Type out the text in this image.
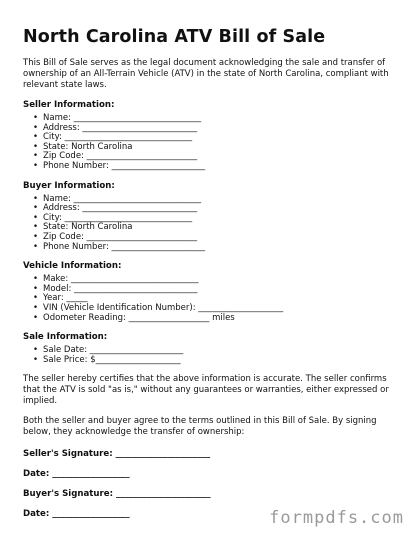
North Carolina ATV Bill of Sale

This Bill of Sale serves as the legal document acknowledging the sale and transfer of ownership of an All-Terrain Vehicle (ATV) in the state of North Carolina, compliant with relevant state laws.

Seller Information:
• Name: ______________________________
• Address: ___________________________
• City: ______________________________
• State: North Carolina
• Zip Code: __________________________
• Phone Number: ______________________
Buyer Information:
• Name: ______________________________
• Address: ___________________________
• City: ______________________________
• State: North Carolina
• Zip Code: __________________________
• Phone Number: ______________________
Vehicle Information:
• Make: ______________________________
• Model: _____________________________
• Year: _____
• VIN (Vehicle Identification Number): ____________________
• Odometer Reading: ___________________ miles
Sale Information:
• Sale Date: ______________________
• Sale Price: $____________________

The seller hereby certifies that the above information is accurate. The seller confirms that the ATV is sold "as is," without any guarantees or warranties, either expressed or implied.

Both the seller and buyer agree to the terms outlined in this Bill of Sale. By signing below, they acknowledge the transfer of ownership:

Seller's Signature: ______________________
Date: __________________
Buyer's Signature: ______________________
Date: __________________	formpdfs.com
